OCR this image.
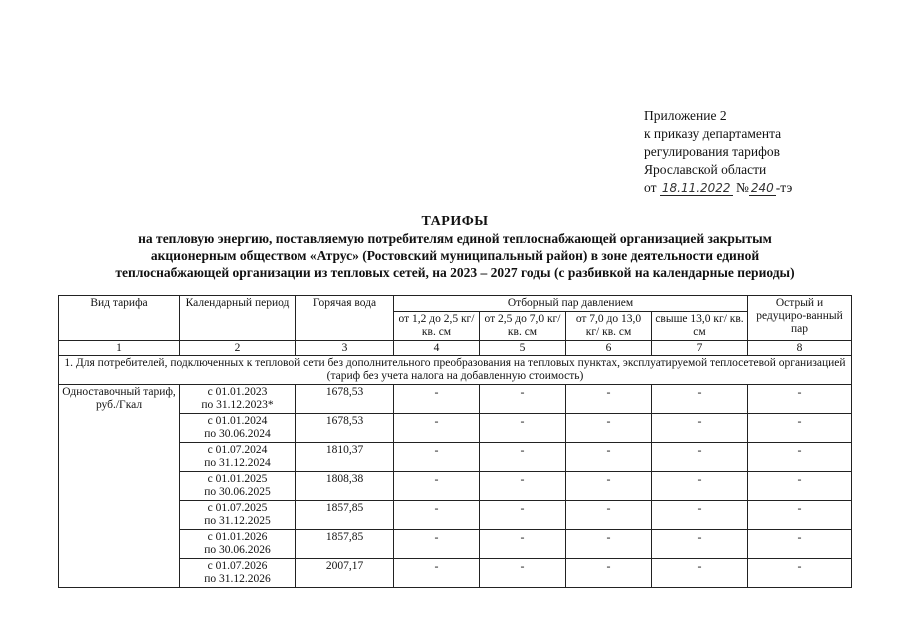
Приложение 2
к приказу департамента
регулирования тарифов
Ярославской области
от 18.11.2022 № 240 -тэ
ТАРИФЫ
на тепловую энергию, поставляемую потребителям единой теплоснабжающей организацией закрытым
акционерным обществом «Атрус» (Ростовский муниципальный район) в зоне деятельности единой
теплоснабжающей организации из тепловых сетей, на 2023 – 2027 годы (с разбивкой на календарные периоды)
Вид тарифа	Календарный период	Горячая вода	Отборный пар давлением				Острый и редуциро-ванный пар
			от 1,2 до 2,5 кг/ кв. см	от 2,5 до 7,0 кг/ кв. см	от 7,0 до 13,0 кг/ кв. см	свыше 13,0 кг/ кв. см	
1	2	3	4	5	6	7	8
1. Для потребителей, подключенных к тепловой сети без дополнительного преобразования на тепловых пунктах, эксплуатируемой теплосетевой организацией (тариф без учета налога на добавленную стоимость)							
Одноставочный тариф, руб./Гкал	с 01.01.2023
по 31.12.2023*	1678,53	-	-	-	-	-

	с 01.01.2024
по 30.06.2024	1678,53	-	-	-	-	-

	с 01.07.2024
по 31.12.2024	1810,37	-	-	-	-	-

	с 01.01.2025
по 30.06.2025	1808,38	-	-	-	-	-

	с 01.07.2025
по 31.12.2025	1857,85	-	-	-	-	-

	с 01.01.2026
по 30.06.2026	1857,85	-	-	-	-	-

	с 01.07.2026
по 31.12.2026	2007,17	-	-	-	-	-
